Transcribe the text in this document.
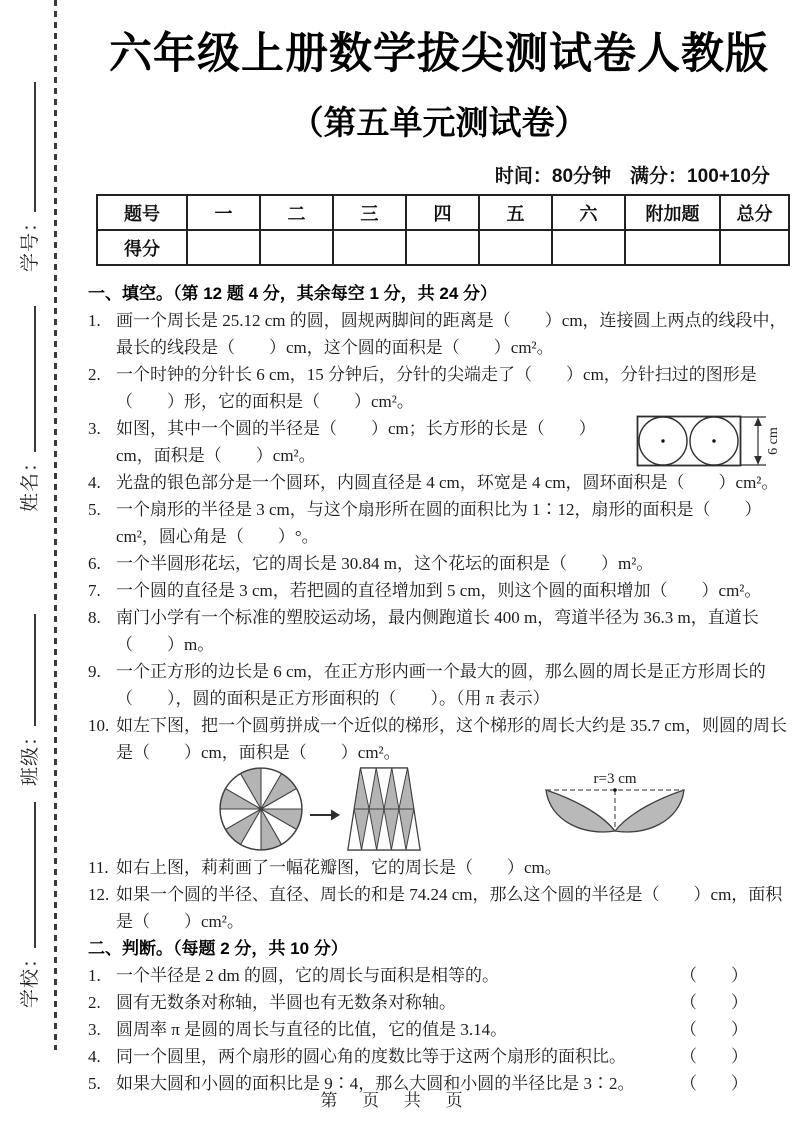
学号：
姓名：
班级：
学校：
六年级上册数学拔尖测试卷人教版
（第五单元测试卷）
时间：80分钟　满分：100+10分
题号	一	二	三	四	五	六	附加题	总分
得分								
一、填空。（第 12 题 4 分，其余每空 1 分，共 24 分）
1. 画一个周长是 25.12 cm 的圆，圆规两脚间的距离是（　　）cm，连接圆上两点的线段中，最长的线段是（　　）cm，这个圆的面积是（　　）cm²。
2. 一个时钟的分针长 6 cm，15 分钟后，分针的尖端走了（　　）cm，分针扫过的图形是（　　）形，它的面积是（　　）cm²。
6 cm
3. 如图，其中一个圆的半径是（　　）cm；长方形的长是（　　）cm，面积是（　　）cm²。
4. 光盘的银色部分是一个圆环，内圆直径是 4 cm，环宽是 4 cm，圆环面积是（　　）cm²。
5. 一个扇形的半径是 3 cm，与这个扇形所在圆的面积比为 1∶12，扇形的面积是（　　）cm²，圆心角是（　　）°。
6. 一个半圆形花坛，它的周长是 30.84 m，这个花坛的面积是（　　）m²。
7. 一个圆的直径是 3 cm，若把圆的直径增加到 5 cm，则这个圆的面积增加（　　）cm²。
8. 南门小学有一个标准的塑胶运动场，最内侧跑道长 400 m，弯道半径为 36.3 m，直道长（　　）m。
9. 一个正方形的边长是 6 cm，在正方形内画一个最大的圆，那么圆的周长是正方形周长的（　　），圆的面积是正方形面积的（　　）。（用 π 表示）
10. 如左下图，把一个圆剪拼成一个近似的梯形，这个梯形的周长大约是 35.7 cm，则圆的周长是（　　）cm，面积是（　　）cm²。
r=3 cm
11. 如右上图，莉莉画了一幅花瓣图，它的周长是（　　）cm。
12. 如果一个圆的半径、直径、周长的和是 74.24 cm，那么这个圆的半径是（　　）cm，面积是（　　）cm²。
二、判断。（每题 2 分，共 10 分）
1. 一个半径是 2 dm 的圆，它的周长与面积是相等的。	（　　）
2. 圆有无数条对称轴，半圆也有无数条对称轴。	（　　）
3. 圆周率 π 是圆的周长与直径的比值，它的值是 3.14。	（　　）
4. 同一个圆里，两个扇形的圆心角的度数比等于这两个扇形的面积比。	（　　）
5. 如果大圆和小圆的面积比是 9∶4，那么大圆和小圆的半径比是 3∶2。	（　　）
第 页 共 页
